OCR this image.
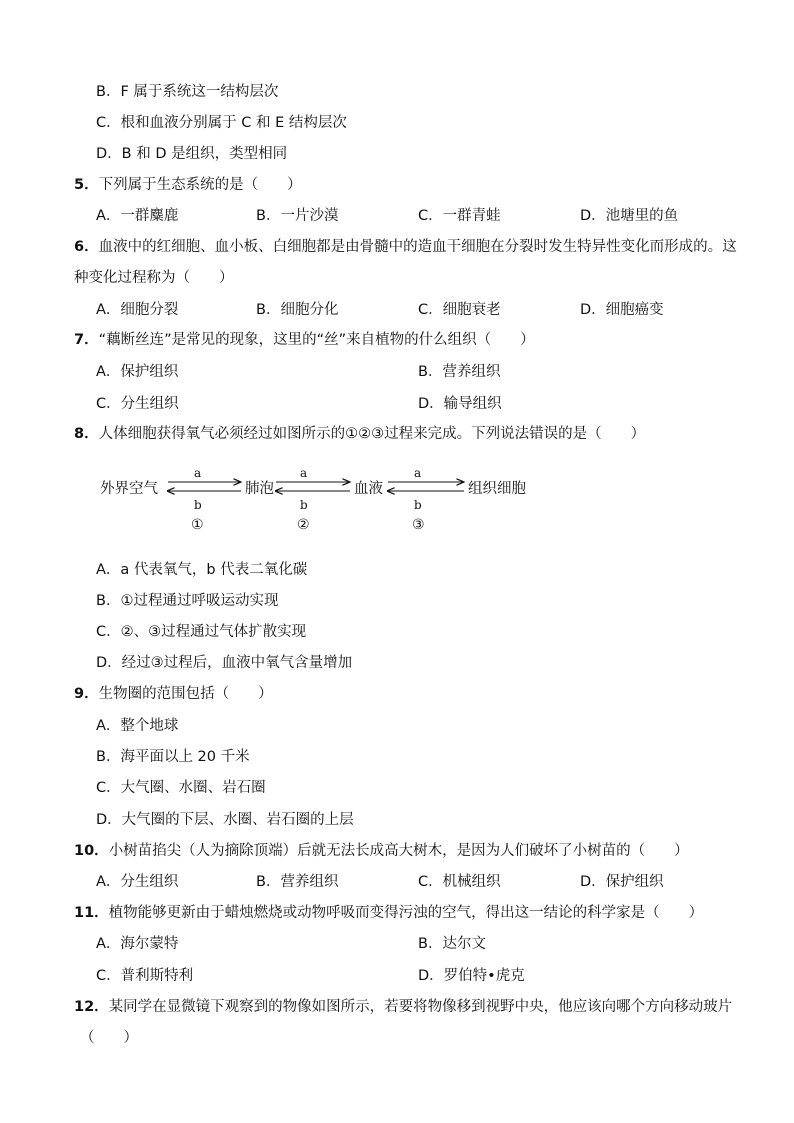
B．F 属于系统这一结构层次
C．根和血液分别属于 C 和 E 结构层次
D．B 和 D 是组织，类型相同
5．下列属于生态系统的是（　　）
A．一群麋鹿	B．一片沙漠	C．一群青蛙	D．池塘里的鱼
6．血液中的红细胞、血小板、白细胞都是由骨髓中的造血干细胞在分裂时发生特异性变化而形成的。这
种变化过程称为（　　）
A．细胞分裂	B．细胞分化	C．细胞衰老	D．细胞癌变
7．“藕断丝连”是常见的现象，这里的“丝”来自植物的什么组织（　　）
A．保护组织	B．营养组织
C．分生组织	D．输导组织
8．人体细胞获得氧气必须经过如图所示的①②③过程来完成。下列说法错误的是（　　）
外界空气	肺泡	血液	组织细胞
a
b
①
a
b
②
a
b
③
A．a 代表氧气，b 代表二氧化碳
B．①过程通过呼吸运动实现
C．②、③过程通过气体扩散实现
D．经过③过程后，血液中氧气含量增加
9．生物圈的范围包括（　　）
A．整个地球
B．海平面以上 20 千米
C．大气圈、水圈、岩石圈
D．大气圈的下层、水圈、岩石圈的上层
10．小树苗掐尖（人为摘除顶端）后就无法长成高大树木，是因为人们破坏了小树苗的（　　）
A．分生组织	B．营养组织	C．机械组织	D．保护组织
11．植物能够更新由于蜡烛燃烧或动物呼吸而变得污浊的空气，得出这一结论的科学家是（　　）
A．海尔蒙特	B．达尔文
C．普利斯特利	D．罗伯特•虎克
12．某同学在显微镜下观察到的物像如图所示，若要将物像移到视野中央，他应该向哪个方向移动玻片
（　　）
